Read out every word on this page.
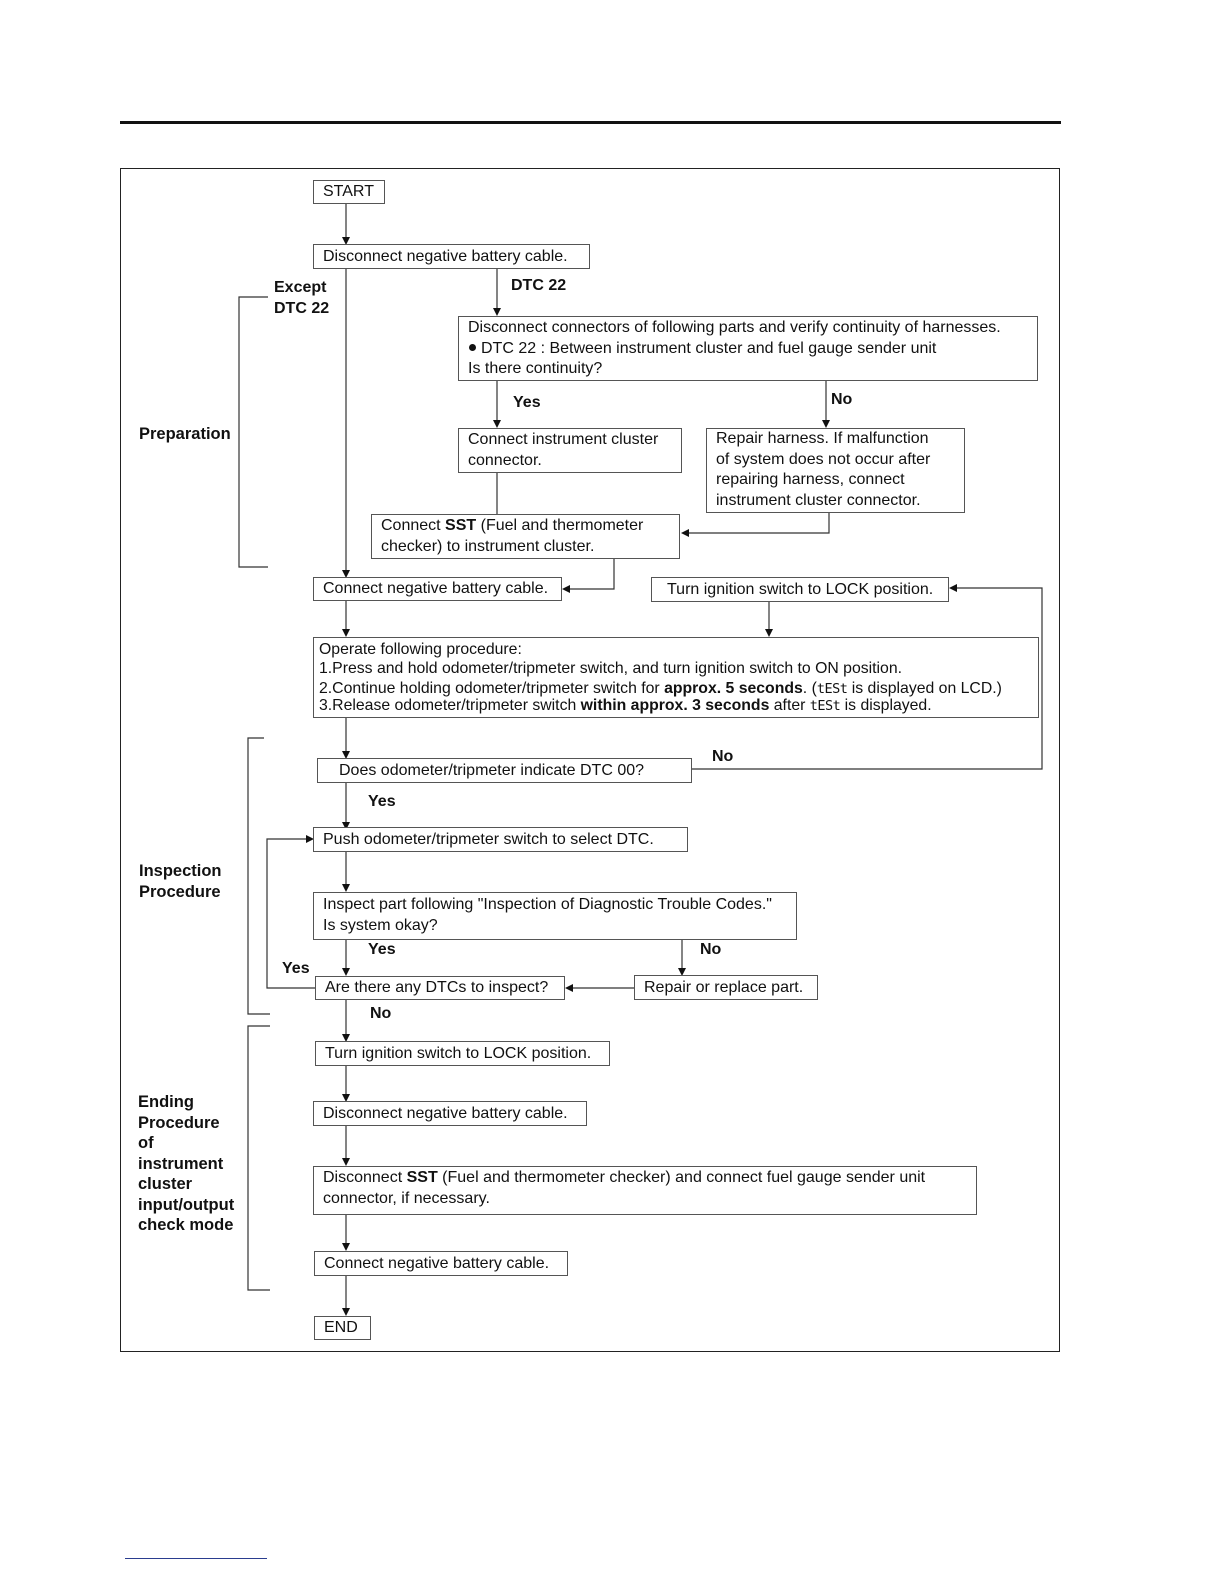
START
Disconnect negative battery cable.
Disconnect connectors of following parts and verify continuity of harnesses.
DTC 22 : Between instrument cluster and fuel gauge sender unit
Is there continuity?
Connect instrument cluster
connector.
Repair harness. If malfunction
of system does not occur after
repairing harness, connect
instrument cluster connector.
Connect SST (Fuel and thermometer
checker) to instrument cluster.
Connect negative battery cable.	Turn ignition switch to LOCK position.
Operate following procedure:
1.Press and hold odometer/tripmeter switch, and turn ignition switch to ON position.
2.Continue holding odometer/tripmeter switch for approx. 5 seconds. (tESt is displayed on LCD.)
3.Release odometer/tripmeter switch within approx. 3 seconds after tESt is displayed.
Does odometer/tripmeter indicate DTC 00?
Push odometer/tripmeter switch to select DTC.
Inspect part following "Inspection of Diagnostic Trouble Codes."
Is system okay?
Are there any DTCs to inspect?	Repair or replace part.
Turn ignition switch to LOCK position.
Disconnect negative battery cable.
Disconnect SST (Fuel and thermometer checker) and connect fuel gauge sender unit
connector, if necessary.
Connect negative battery cable.
END
Except
DTC 22
DTC 22
Yes	No
No
Yes
Yes	No
Yes
No
Preparation
Inspection
Procedure
Ending
Procedure
of
instrument
cluster
input/output
check mode
